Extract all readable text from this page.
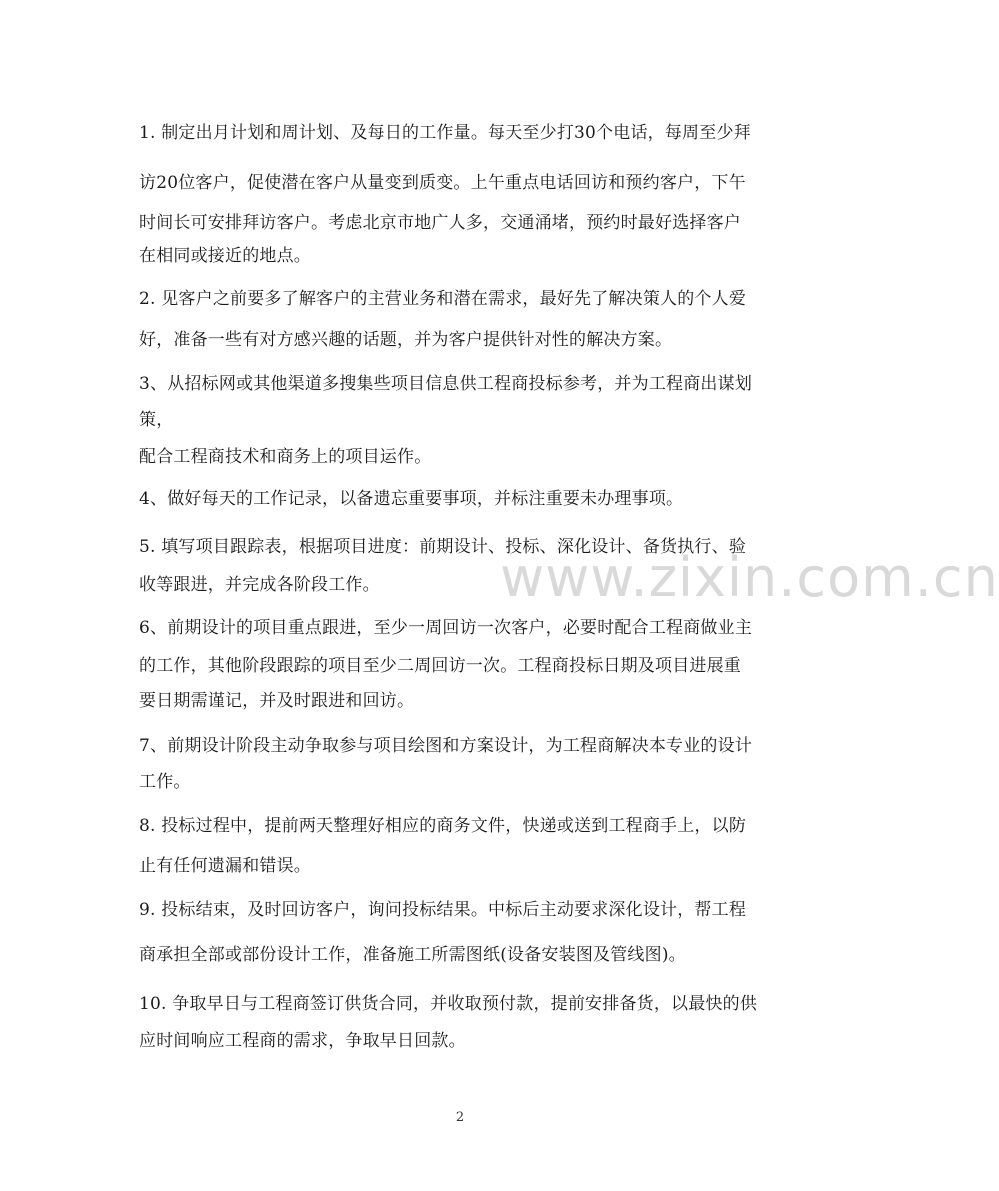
www.zixin.com.cn
1. 制定出月计划和周计划、及每日的工作量。每天至少打30个电话，每周至少拜
访20位客户，促使潜在客户从量变到质变。上午重点电话回访和预约客户，下午
时间长可安排拜访客户。考虑北京市地广人多，交通涌堵，预约时最好选择客户
在相同或接近的地点。
2. 见客户之前要多了解客户的主营业务和潜在需求，最好先了解决策人的个人爱
好，准备一些有对方感兴趣的话题，并为客户提供针对性的解决方案。
3、从招标网或其他渠道多搜集些项目信息供工程商投标参考，并为工程商出谋划
策，
配合工程商技术和商务上的项目运作。
4、做好每天的工作记录，以备遗忘重要事项，并标注重要未办理事项。
5. 填写项目跟踪表，根据项目进度：前期设计、投标、深化设计、备货执行、验
收等跟进，并完成各阶段工作。
6、前期设计的项目重点跟进，至少一周回访一次客户，必要时配合工程商做业主
的工作，其他阶段跟踪的项目至少二周回访一次。工程商投标日期及项目进展重
要日期需谨记，并及时跟进和回访。
7、前期设计阶段主动争取参与项目绘图和方案设计，为工程商解决本专业的设计
工作。
8. 投标过程中，提前两天整理好相应的商务文件，快递或送到工程商手上，以防
止有任何遗漏和错误。
9. 投标结束，及时回访客户，询问投标结果。中标后主动要求深化设计，帮工程
商承担全部或部份设计工作，准备施工所需图纸(设备安装图及管线图)。
10. 争取早日与工程商签订供货合同，并收取预付款，提前安排备货，以最快的供
应时间响应工程商的需求，争取早日回款。
2
